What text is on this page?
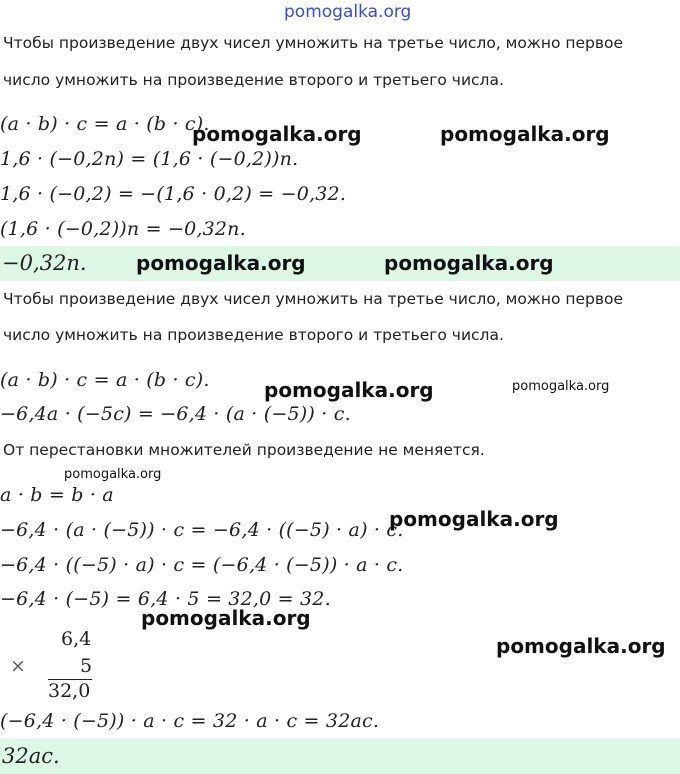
pomogalka.org
Чтобы произведение двух чисел умножить на третье число, можно первое
число умножить на произведение второго и третьего числа.
(a · b) · c = a · (b · c).
1,6 · (−0,2n) = (1,6 · (−0,2))n.
1,6 · (−0,2) = −(1,6 · 0,2) = −0,32.
(1,6 · (−0,2))n = −0,32n.
−0,32n.
Чтобы произведение двух чисел умножить на третье число, можно первое
число умножить на произведение второго и третьего числа.
(a · b) · c = a · (b · c).
−6,4a · (−5c) = −6,4 · (a · (−5)) · c.
От перестановки множителей произведение не меняется.
a · b = b · a
−6,4 · (a · (−5)) · c = −6,4 · ((−5) · a) · c.
−6,4 · ((−5) · a) · c = (−6,4 · (−5)) · a · c.
−6,4 · (−5) = 6,4 · 5 = 32,0 = 32.
×
6,4
5
32,0
(−6,4 · (−5)) · a · c = 32 · a · c = 32ac.
32ac.
pomogalka.org	pomogalka.org
pomogalka.org	pomogalka.org
pomogalka.org	pomogalka.org
pomogalka.org
pomogalka.org
pomogalka.org
pomogalka.org
